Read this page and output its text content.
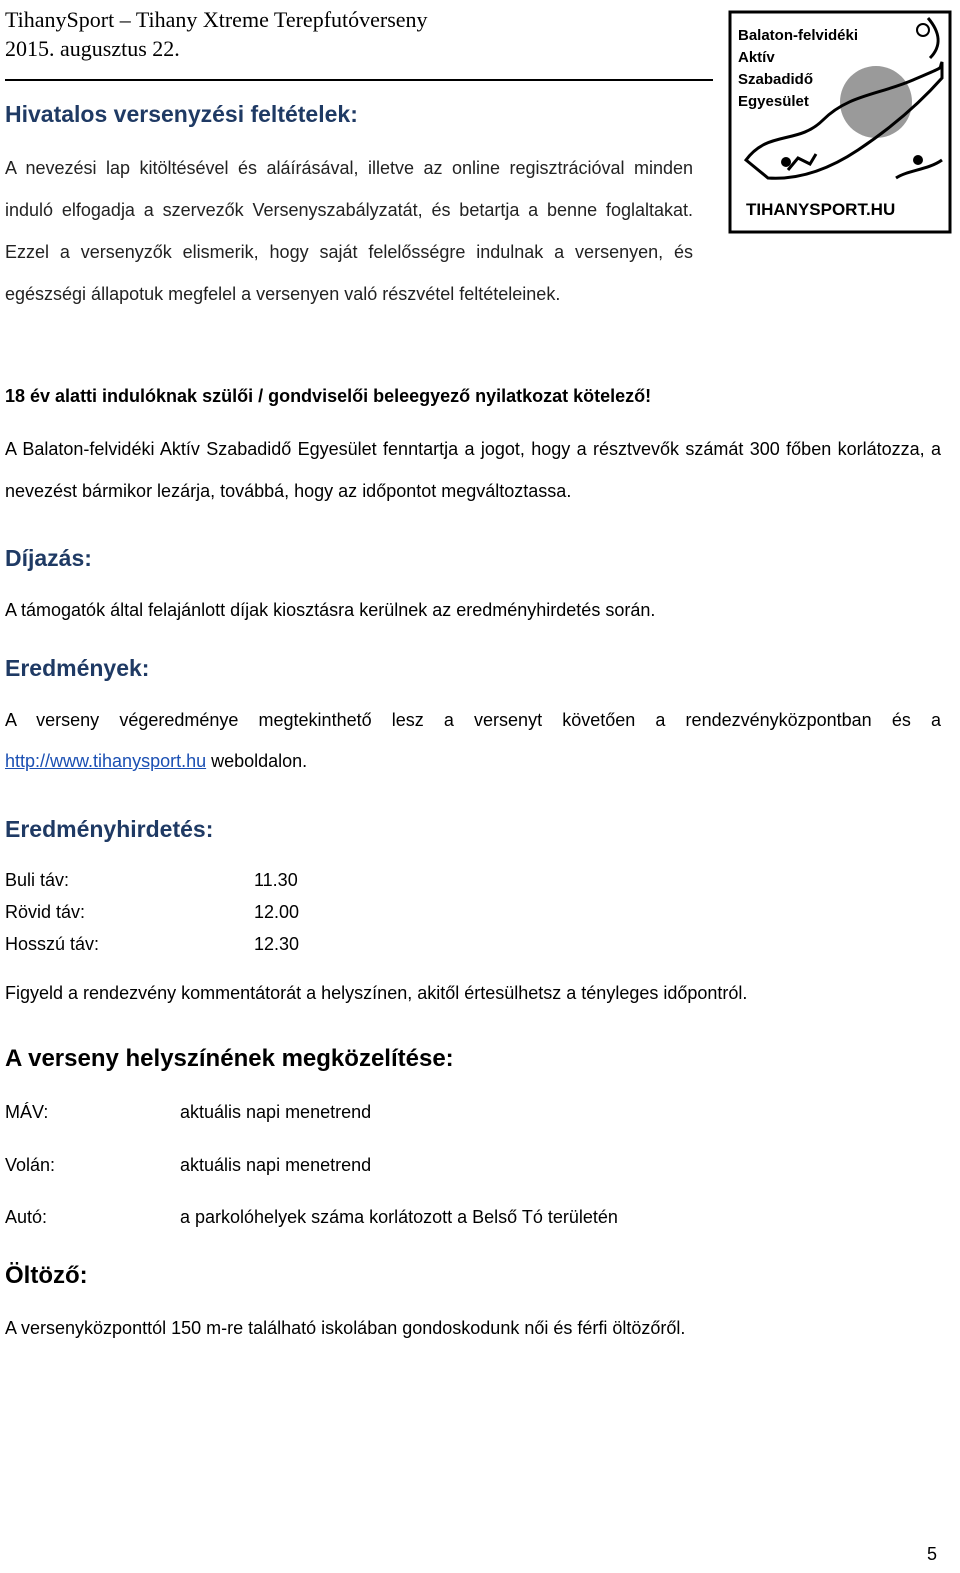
TihanySport – Tihany Xtreme Terepfutóverseny
2015. augusztus 22.
Balaton-felvidéki
Aktív
Szabadidő
Egyesület
TIHANYSPORT.HU
Hivatalos versenyzési feltételek:
A nevezési lap kitöltésével és aláírásával, illetve az online regisztrációval minden induló elfogadja a szervezők Versenyszabályzatát, és betartja a benne foglaltakat. Ezzel a versenyzők elismerik, hogy saját felelősségre indulnak a versenyen, és egészségi állapotuk megfelel a versenyen való részvétel feltételeinek.
18 év alatti indulóknak szülői / gondviselői beleegyező nyilatkozat kötelező!
A Balaton-felvidéki Aktív Szabadidő Egyesület fenntartja a jogot, hogy a résztvevők számát 300 főben korlátozza, a nevezést bármikor lezárja, továbbá, hogy az időpontot megváltoztassa.
Díjazás:
A támogatók által felajánlott díjak kiosztásra kerülnek az eredményhirdetés során.
Eredmények:
A verseny végeredménye megtekinthető lesz a versenyt követően a rendezvényközpontban és a
http://www.tihanysport.hu weboldalon.
Eredményhirdetés:
Buli táv:	11.30
Rövid táv:	12.00
Hosszú táv:	12.30
Figyeld a rendezvény kommentátorát a helyszínen, akitől értesülhetsz a tényleges időpontról.
A verseny helyszínének megközelítése:
MÁV:	aktuális napi menetrend
Volán:	aktuális napi menetrend
Autó:	a parkolóhelyek száma korlátozott a Belső Tó területén
Öltöző:
A versenyközponttól 150 m-re található iskolában gondoskodunk női és férfi öltözőről.
5
